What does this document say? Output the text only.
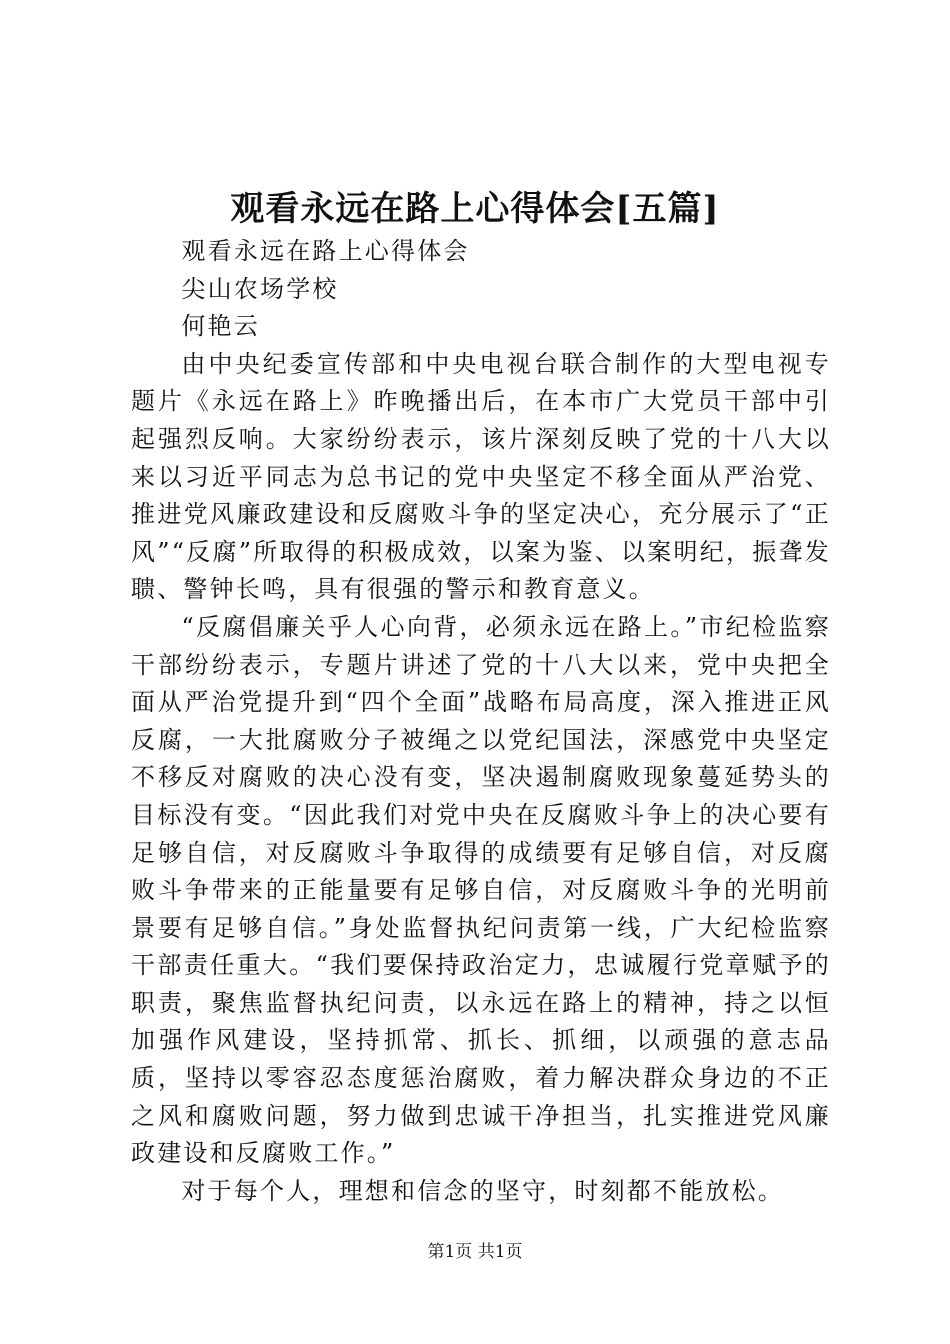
观看永远在路上心得体会[五篇]

观看永远在路上心得体会

尖山农场学校

何艳云

由中央纪委宣传部和中央电视台联合制作的大型电视专题片《永远在路上》昨晚播出后，在本市广大党员干部中引起强烈反响。大家纷纷表示，该片深刻反映了党的十八大以来以习近平同志为总书记的党中央坚定不移全面从严治党、推进党风廉政建设和反腐败斗争的坚定决心，充分展示了“正风”“反腐”所取得的积极成效，以案为鉴、以案明纪，振聋发聩、警钟长鸣，具有很强的警示和教育意义。

“反腐倡廉关乎人心向背，必须永远在路上。”市纪检监察干部纷纷表示，专题片讲述了党的十八大以来，党中央把全面从严治党提升到“四个全面”战略布局高度，深入推进正风反腐，一大批腐败分子被绳之以党纪国法，深感党中央坚定不移反对腐败的决心没有变，坚决遏制腐败现象蔓延势头的目标没有变。“因此我们对党中央在反腐败斗争上的决心要有足够自信，对反腐败斗争取得的成绩要有足够自信，对反腐败斗争带来的正能量要有足够自信，对反腐败斗争的光明前景要有足够自信。”身处监督执纪问责第一线，广大纪检监察干部责任重大。“我们要保持政治定力，忠诚履行党章赋予的职责，聚焦监督执纪问责，以永远在路上的精神，持之以恒加强作风建设，坚持抓常、抓长、抓细，以顽强的意志品质，坚持以零容忍态度惩治腐败，着力解决群众身边的不正之风和腐败问题，努力做到忠诚干净担当，扎实推进党风廉政建设和反腐败工作。”

对于每个人，理想和信念的坚守，时刻都不能放松。

第1页 共1页
